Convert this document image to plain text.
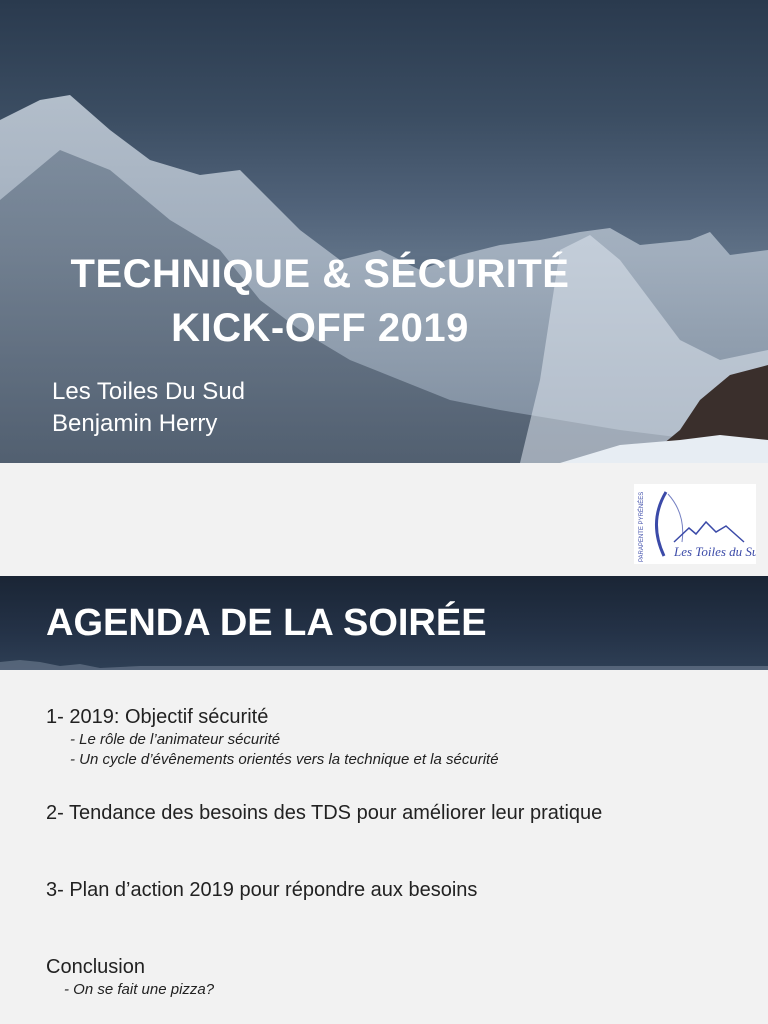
TECHNIQUE & SÉCURITÉ
KICK-OFF 2019
Les Toiles Du Sud
Benjamin Herry
PARAPENTE PYRÉNÉES Les Toiles du Sud
AGENDA DE LA SOIRÉE
1- 2019: Objectif sécurité
- Le rôle de l’animateur sécurité
- Un cycle d’évênements orientés vers la technique et la sécurité
2- Tendance des besoins des TDS pour améliorer leur pratique
3- Plan d’action 2019 pour répondre aux besoins
Conclusion
- On se fait une pizza?
